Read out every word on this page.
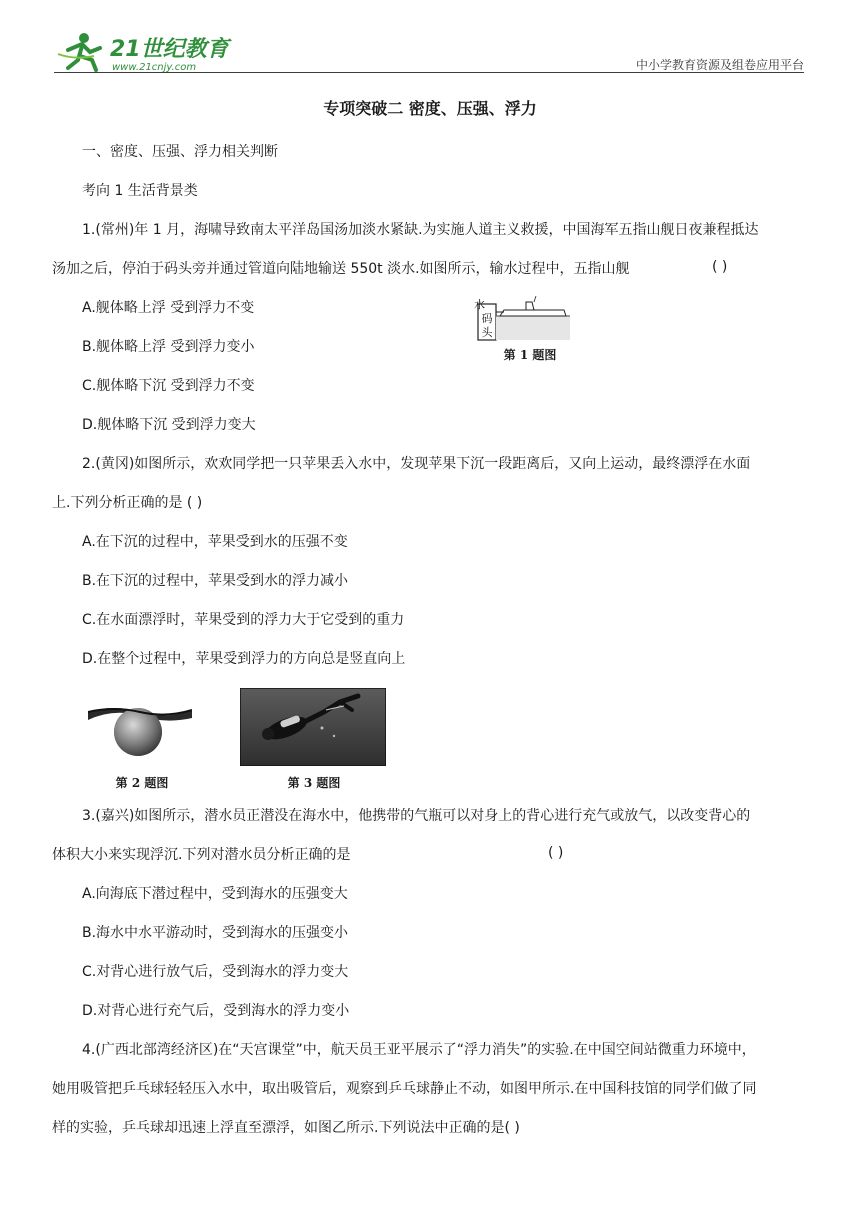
21世纪教育
www.21cnjy.com	中小学教育资源及组卷应用平台
专项突破二 密度、压强、浮力
一、密度、压强、浮力相关判断
考向 1 生活背景类
1.(常州)年 1 月，海啸导致南太平洋岛国汤加淡水紧缺.为实施人道主义救援，中国海军五指山舰日夜兼程抵达
汤加之后，停泊于码头旁并通过管道向陆地输送 550t 淡水.如图所示，输水过程中，五指山舰	( )
A.舰体略上浮 受到浮力不变
B.舰体略上浮 受到浮力变小
C.舰体略下沉 受到浮力不变
D.舰体略下沉 受到浮力变大
水
码
头
第 1 题图
2.(黄冈)如图所示，欢欢同学把一只苹果丢入水中，发现苹果下沉一段距离后，又向上运动，最终漂浮在水面
上.下列分析正确的是 ( )
A.在下沉的过程中，苹果受到水的压强不变
B.在下沉的过程中，苹果受到水的浮力减小
C.在水面漂浮时，苹果受到的浮力大于它受到的重力
D.在整个过程中，苹果受到浮力的方向总是竖直向上
第 2 题图	第 3 题图
3.(嘉兴)如图所示，潜水员正潜没在海水中，他携带的气瓶可以对身上的背心进行充气或放气，以改变背心的
体积大小来实现浮沉.下列对潜水员分析正确的是	( )
A.向海底下潜过程中，受到海水的压强变大
B.海水中水平游动时，受到海水的压强变小
C.对背心进行放气后，受到海水的浮力变大
D.对背心进行充气后，受到海水的浮力变小
4.(广西北部湾经济区)在“天宫课堂”中，航天员王亚平展示了“浮力消失”的实验.在中国空间站微重力环境中，
她用吸管把乒乓球轻轻压入水中，取出吸管后，观察到乒乓球静止不动，如图甲所示.在中国科技馆的同学们做了同
样的实验，乒乓球却迅速上浮直至漂浮，如图乙所示.下列说法中正确的是( )
